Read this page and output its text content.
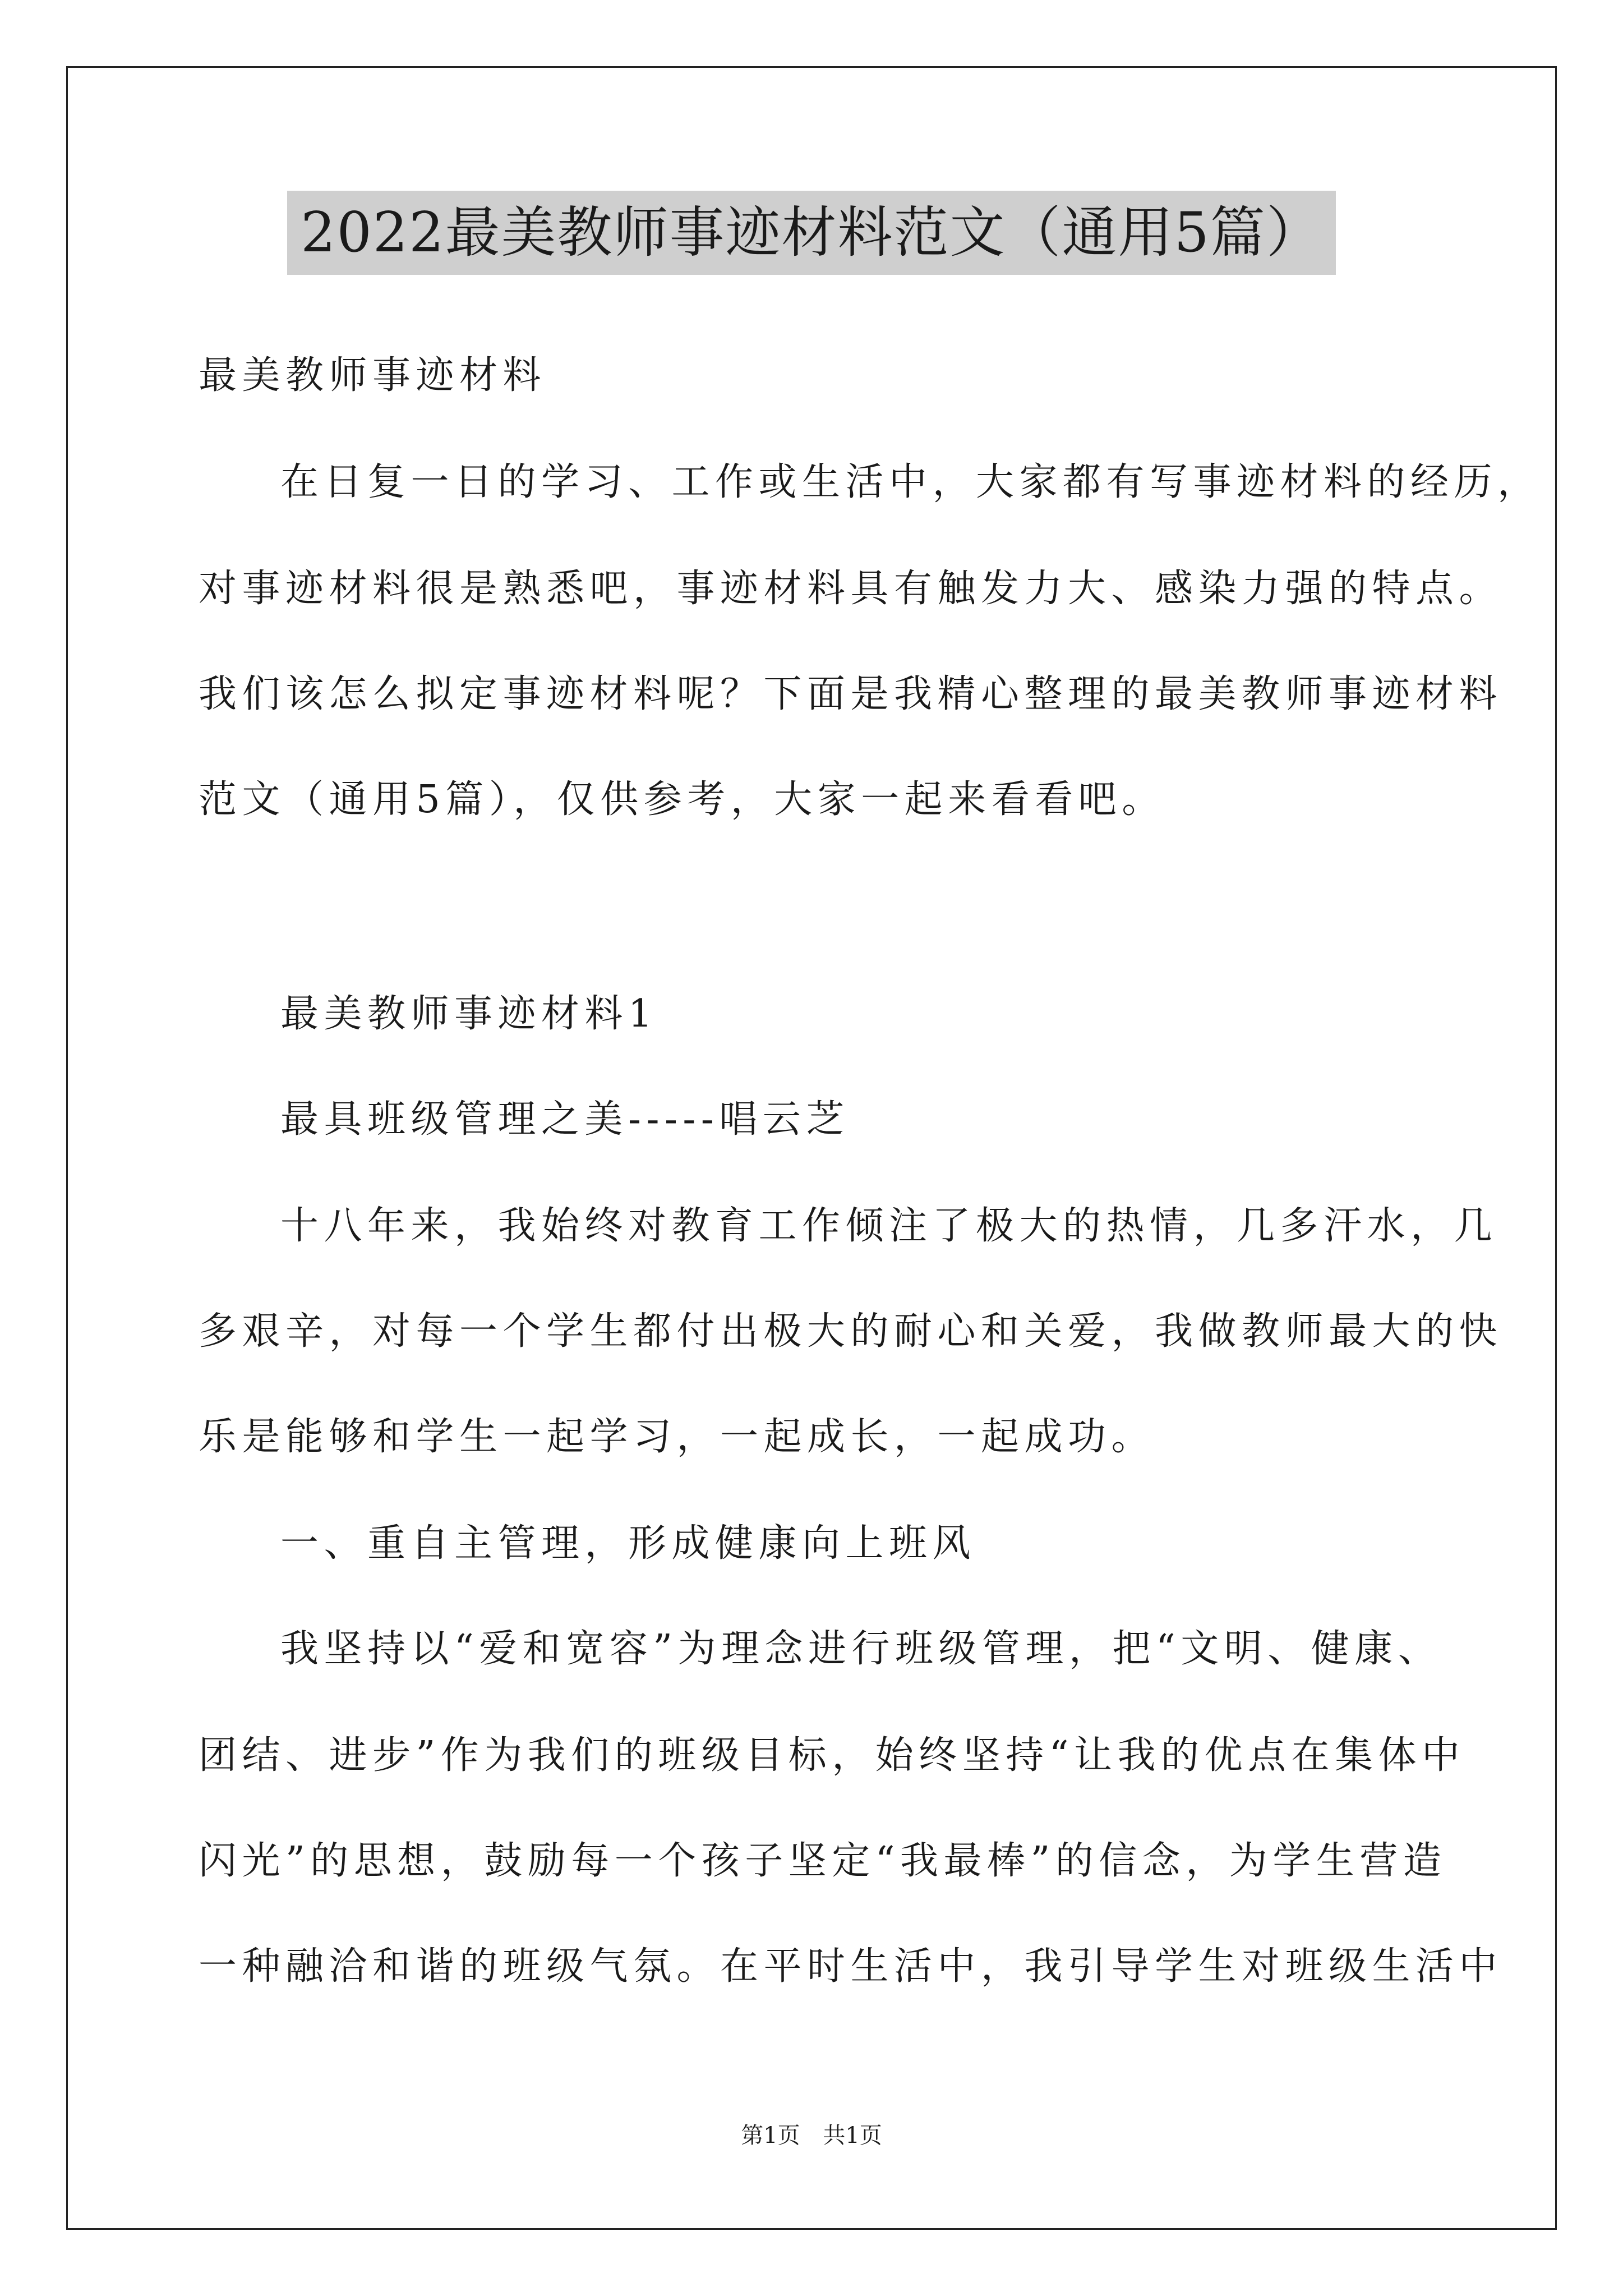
2022最美教师事迹材料范文（通用5篇）
最美教师事迹材料
在日复一日的学习、工作或生活中，大家都有写事迹材料的经历，
对事迹材料很是熟悉吧，事迹材料具有触发力大、感染力强的特点。
我们该怎么拟定事迹材料呢？下面是我精心整理的最美教师事迹材料
范文（通用5篇），仅供参考，大家一起来看看吧。
最美教师事迹材料1
最具班级管理之美-----唱云芝
十八年来，我始终对教育工作倾注了极大的热情，几多汗水，几
多艰辛，对每一个学生都付出极大的耐心和关爱，我做教师最大的快
乐是能够和学生一起学习，一起成长，一起成功。
一、重自主管理，形成健康向上班风
我坚持以“爱和宽容”为理念进行班级管理，把“文明、健康、
团结、进步”作为我们的班级目标，始终坚持“让我的优点在集体中
闪光”的思想，鼓励每一个孩子坚定“我最棒”的信念，为学生营造
一种融洽和谐的班级气氛。在平时生活中，我引导学生对班级生活中
第1页 共1页
